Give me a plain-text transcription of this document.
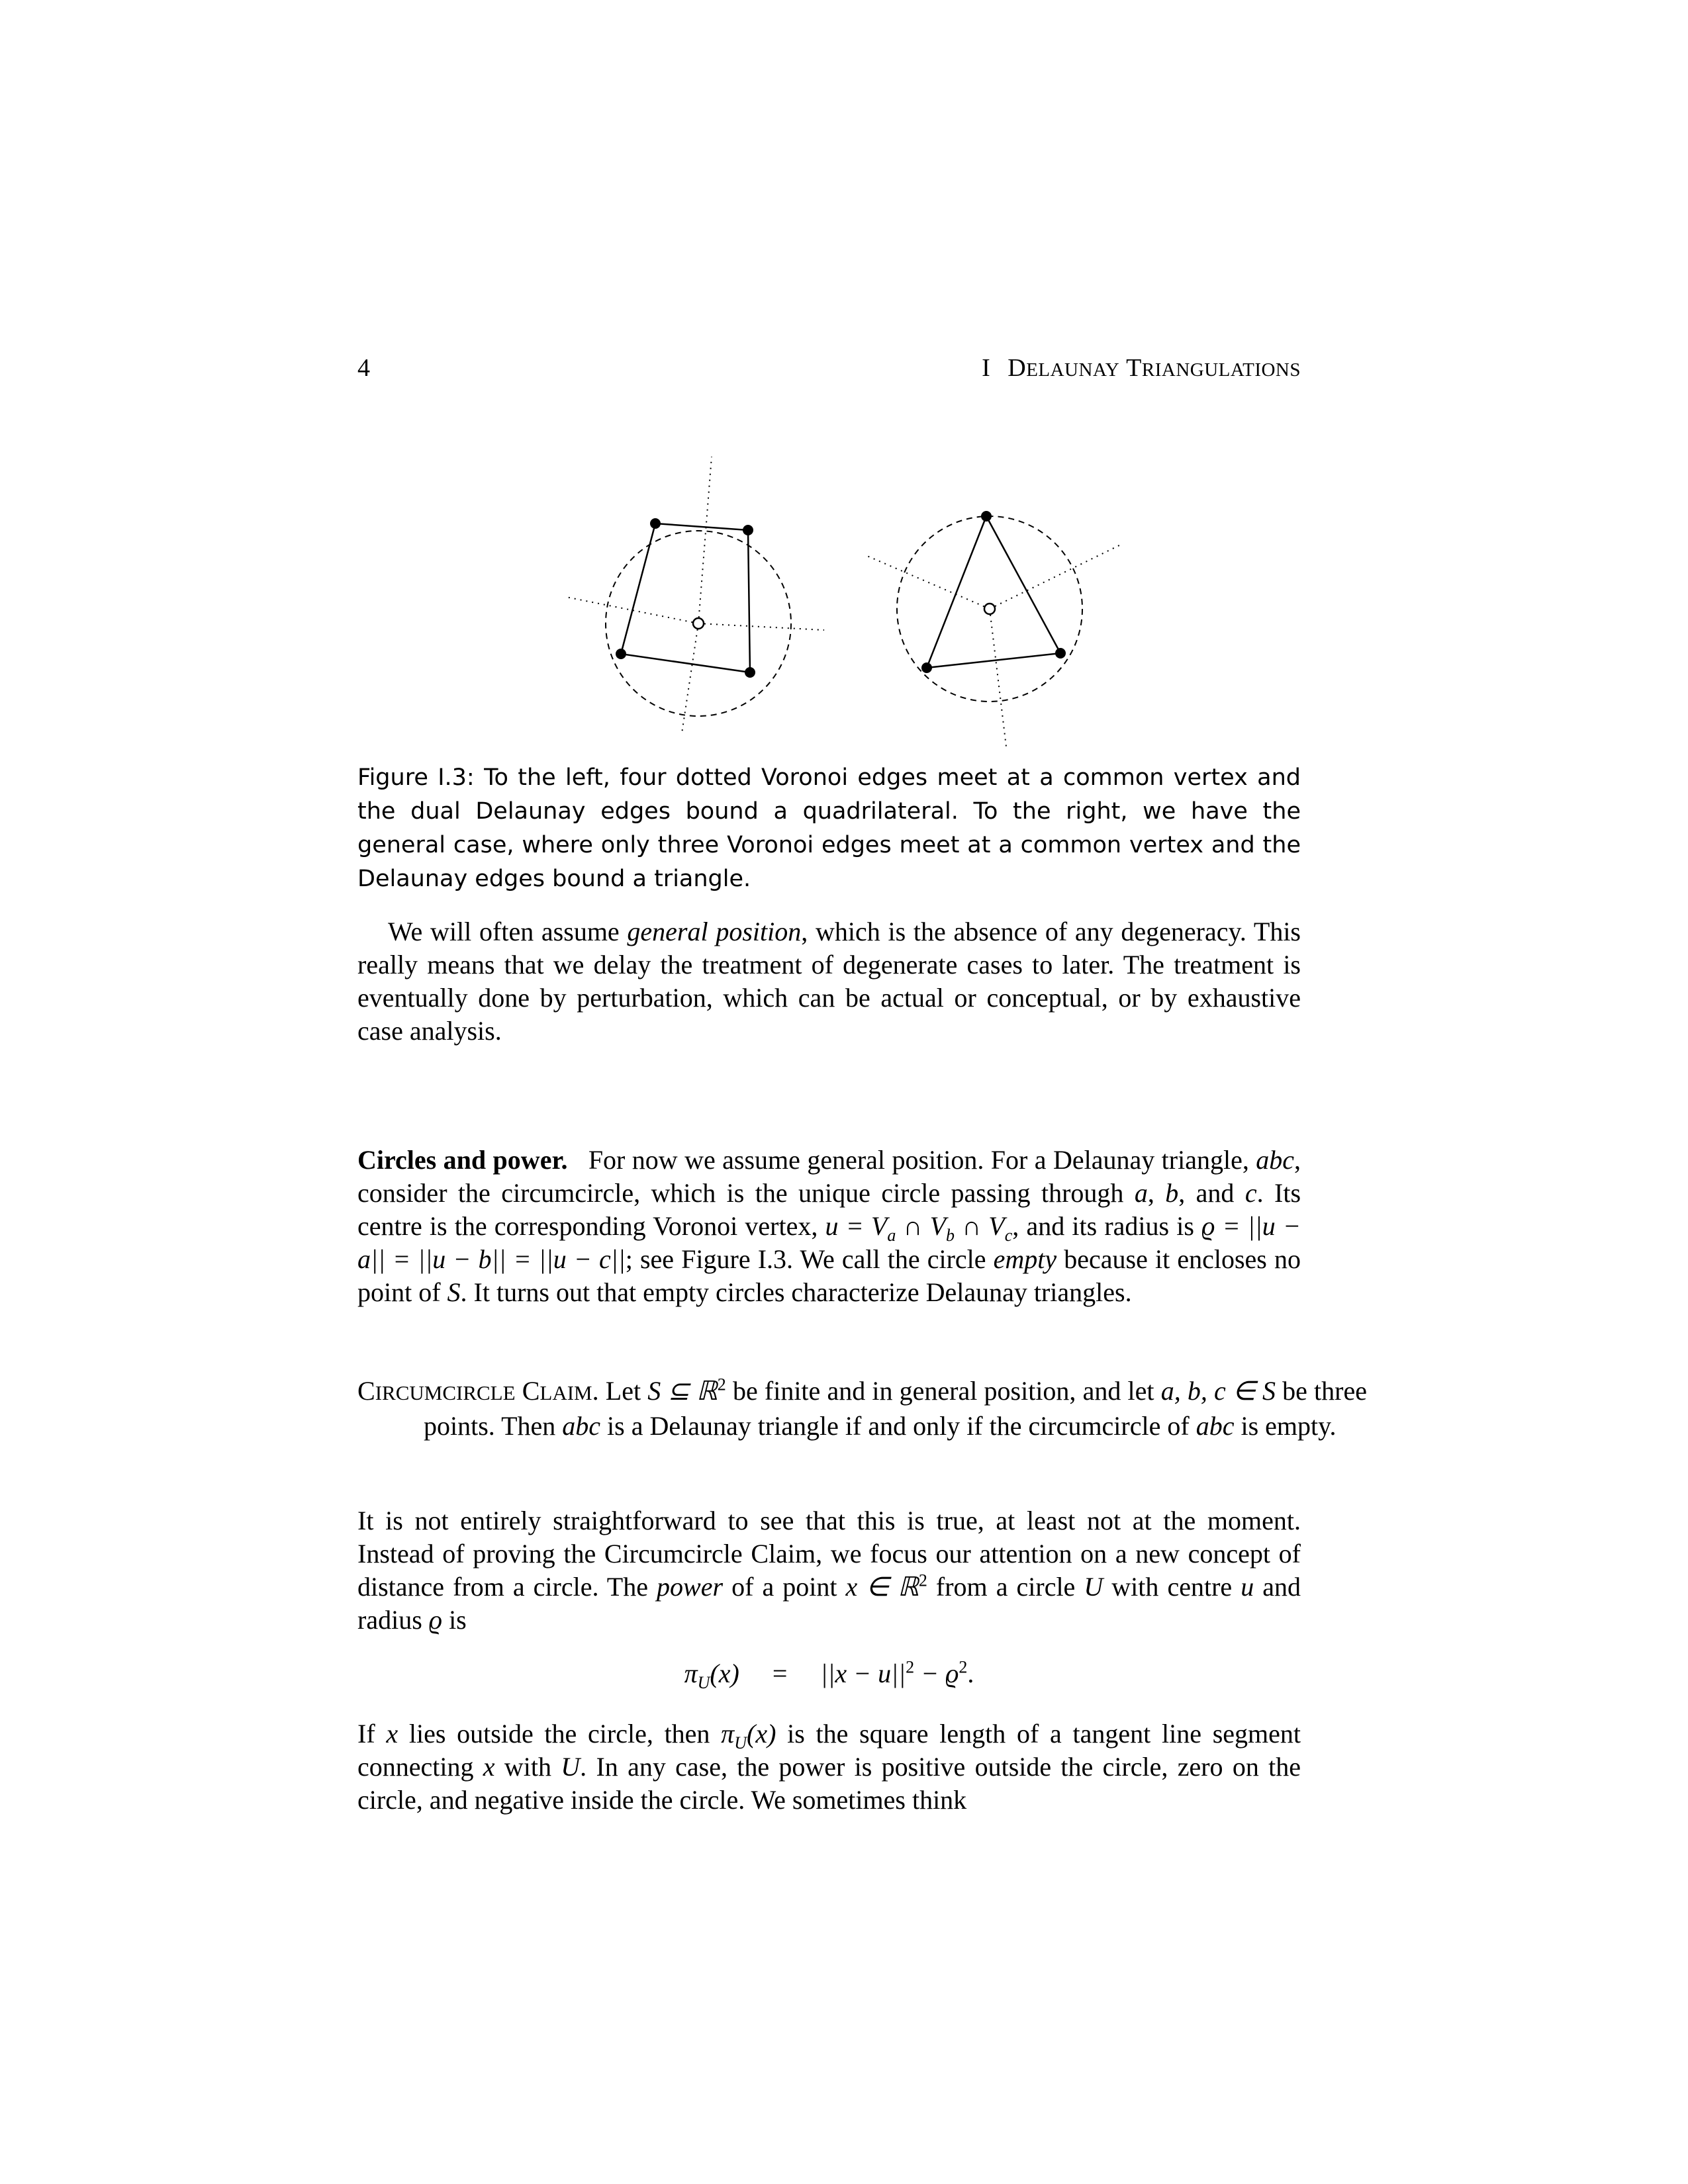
4	I DELAUNAY TRIANGULATIONS
Figure I.3: To the left, four dotted Voronoi edges meet at a common vertex and the dual Delaunay edges bound a quadrilateral. To the right, we have the general case, where only three Voronoi edges meet at a common vertex and the Delaunay edges bound a triangle.
We will often assume general position, which is the absence of any degeneracy. This really means that we delay the treatment of degenerate cases to later. The treatment is eventually done by perturbation, which can be actual or conceptual, or by exhaustive case analysis.
Circles and power. For now we assume general position. For a Delaunay triangle, abc, consider the circumcircle, which is the unique circle passing through a, b, and c. Its centre is the corresponding Voronoi vertex, $u = V_a$ ∩ $V_b$ ∩ $V_c$, and its radius is ϱ = ||u − a|| = ||u − b|| = ||u − c||; see Figure I.3. We call the circle empty because it encloses no point of S. It turns out that empty circles characterize Delaunay triangles.
CIRCUMCIRCLE CLAIM. Let S ⊆ ℝ$^2$ be finite and in general position, and let a, b, c ∈ S be three points. Then abc is a Delaunay triangle if and only if the circumcircle of abc is empty.
It is not entirely straightforward to see that this is true, at least not at the moment. Instead of proving the Circumcircle Claim, we focus our attention on a new concept of distance from a circle. The power of a point x ∈ ℝ$^2$ from a circle U with centre u and radius ϱ is
$\pi_U(x) = ||x - u||^2 - ϱ^2$.
If x lies outside the circle, then $\pi_U(x)$ is the square length of a tangent line segment connecting x with U. In any case, the power is positive outside the circle, zero on the circle, and negative inside the circle. We sometimes think
